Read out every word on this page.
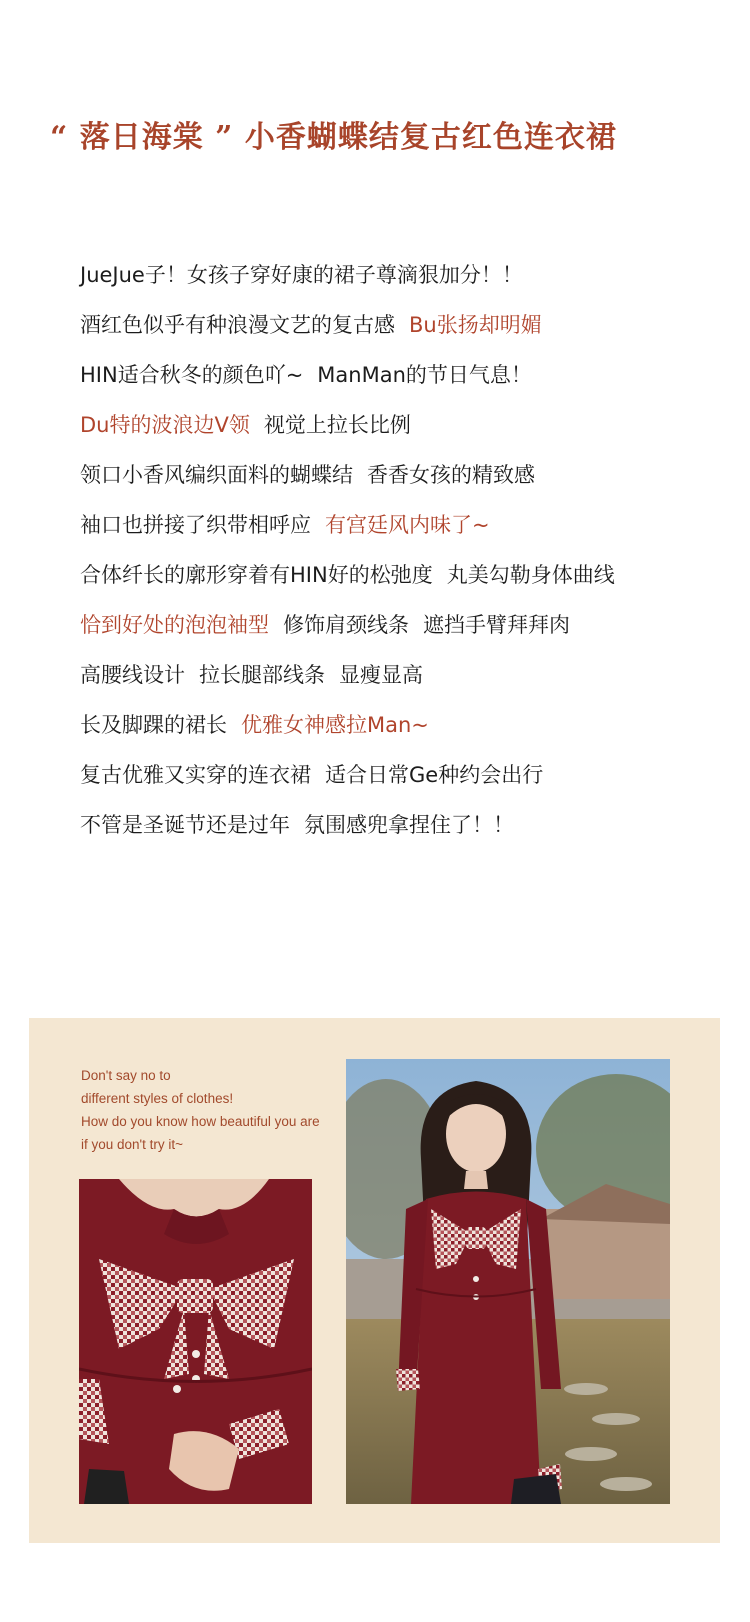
“ 落日海棠 ” 小香蝴蝶结复古红色连衣裙
JueJue子！女孩子穿好康的裙子尊滴狠加分！！
酒红色似乎有种浪漫文艺的复古感 Bu张扬却明媚
HIN适合秋冬的颜色吖~ ManMan的节日气息！
Du特的波浪边V领 视觉上拉长比例
领口小香风编织面料的蝴蝶结 香香女孩的精致感
袖口也拼接了织带相呼应 有宫廷风内味了~
合体纤长的廓形穿着有HIN好的松弛度 丸美勾勒身体曲线
恰到好处的泡泡袖型 修饰肩颈线条 遮挡手臂拜拜肉
高腰线设计 拉长腿部线条 显瘦显高
长及脚踝的裙长 优雅女神感拉Man~
复古优雅又实穿的连衣裙 适合日常Ge种约会出行
不管是圣诞节还是过年 氛围感兜拿捏住了！！
Don't say no to
different styles of clothes!
How do you know how beautiful you are
if you don't try it~
